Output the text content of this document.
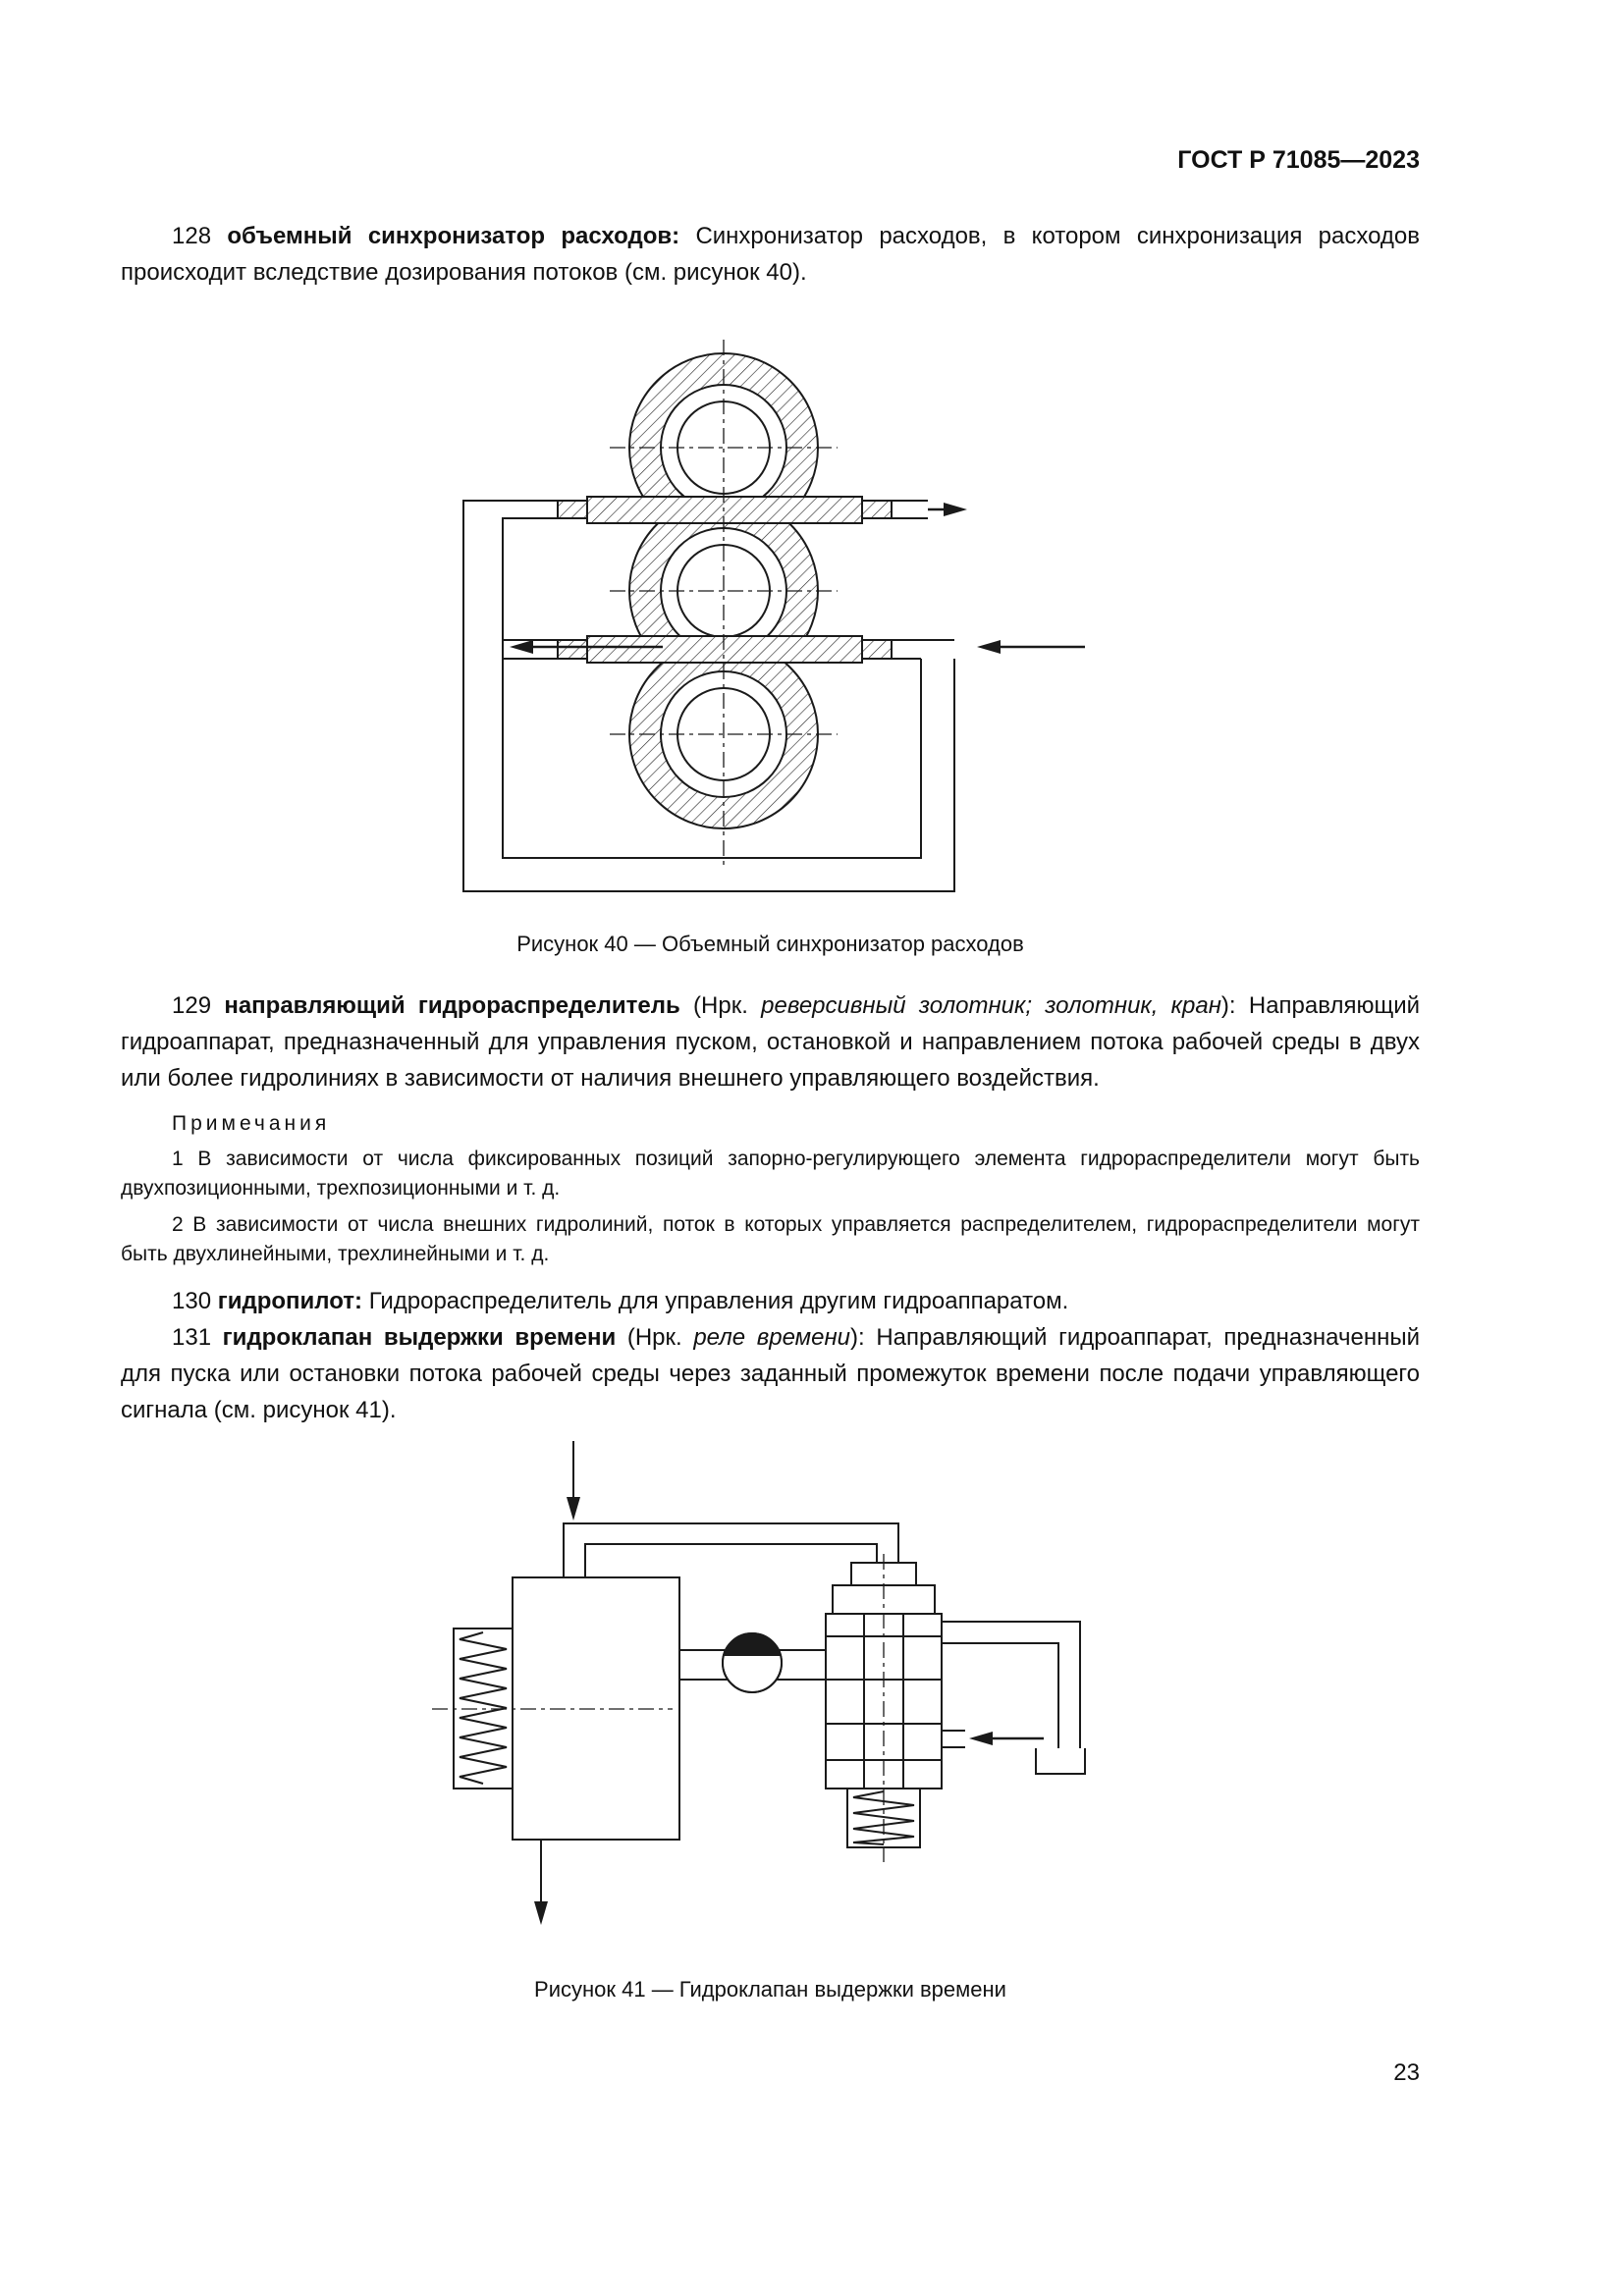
ГОСТ Р 71085—2023

128 объемный синхронизатор расходов: Синхронизатор расходов, в котором синхронизация расходов происходит вследствие дозирования потоков (см. рисунок 40).

Рисунок 40 — Объемный синхронизатор расходов

129 направляющий гидрораспределитель (Нрк. реверсивный золотник; золотник, кран): Направляющий гидроаппарат, предназначенный для управления пуском, остановкой и направлением потока рабочей среды в двух или более гидролиниях в зависимости от наличия внешнего управляющего воздействия.

Примечания

1 В зависимости от числа фиксированных позиций запорно-регулирующего элемента гидрораспределители могут быть двухпозиционными, трехпозиционными и т. д.

2 В зависимости от числа внешних гидролиний, поток в которых управляется распределителем, гидрораспределители могут быть двухлинейными, трехлинейными и т. д.

130 гидропилот: Гидрораспределитель для управления другим гидроаппаратом.

131 гидроклапан выдержки времени (Нрк. реле времени): Направляющий гидроаппарат, предназначенный для пуска или остановки потока рабочей среды через заданный промежуток времени после подачи управляющего сигнала (см. рисунок 41).

Рисунок 41 — Гидроклапан выдержки времени
23
